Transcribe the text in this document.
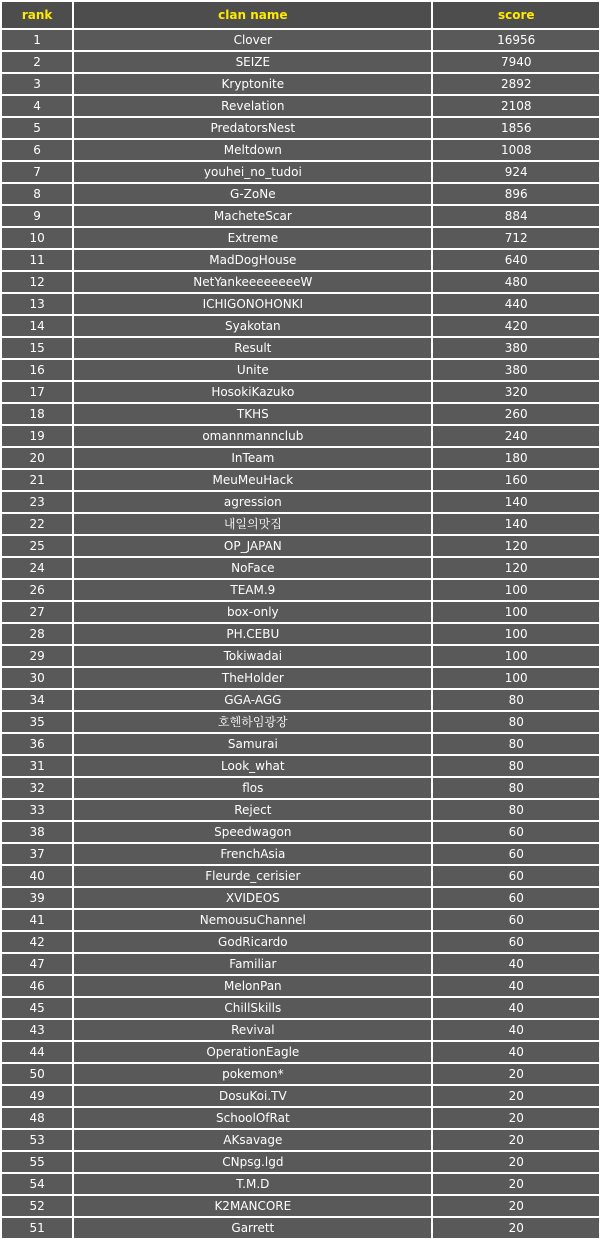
rank	clan name	score
1	Clover	16956
2	SEIZE	7940
3	Kryptonite	2892
4	Revelation	2108
5	PredatorsNest	1856
6	Meltdown	1008
7	youhei_no_tudoi	924
8	G-ZoNe	896
9	MacheteScar	884
10	Extreme	712
11	MadDogHouse	640
12	NetYankeeeeeeeeW	480
13	ICHIGONOHONKI	440
14	Syakotan	420
15	Result	380
16	Unite	380
17	HosokiKazuko	320
18	TKHS	260
19	omannmannclub	240
20	InTeam	180
21	MeuMeuHack	160
23	agression	140
22	내일의맛집	140
25	OP_JAPAN	120
24	NoFace	120
26	TEAM.9	100
27	box-only	100
28	PH.CEBU	100
29	Tokiwadai	100
30	TheHolder	100
34	GGA-AGG	80
35	호헨하임광장	80
36	Samurai	80
31	Look_what	80
32	flos	80
33	Reject	80
38	Speedwagon	60
37	FrenchAsia	60
40	Fleurde_cerisier	60
39	XVIDEOS	60
41	NemousuChannel	60
42	GodRicardo	60
47	Familiar	40
46	MelonPan	40
45	ChillSkills	40
43	Revival	40
44	OperationEagle	40
50	pokemon*	20
49	DosuKoi.TV	20
48	SchoolOfRat	20
53	AKsavage	20
55	CNpsg.lgd	20
54	T.M.D	20
52	K2MANCORE	20
51	Garrett	20
